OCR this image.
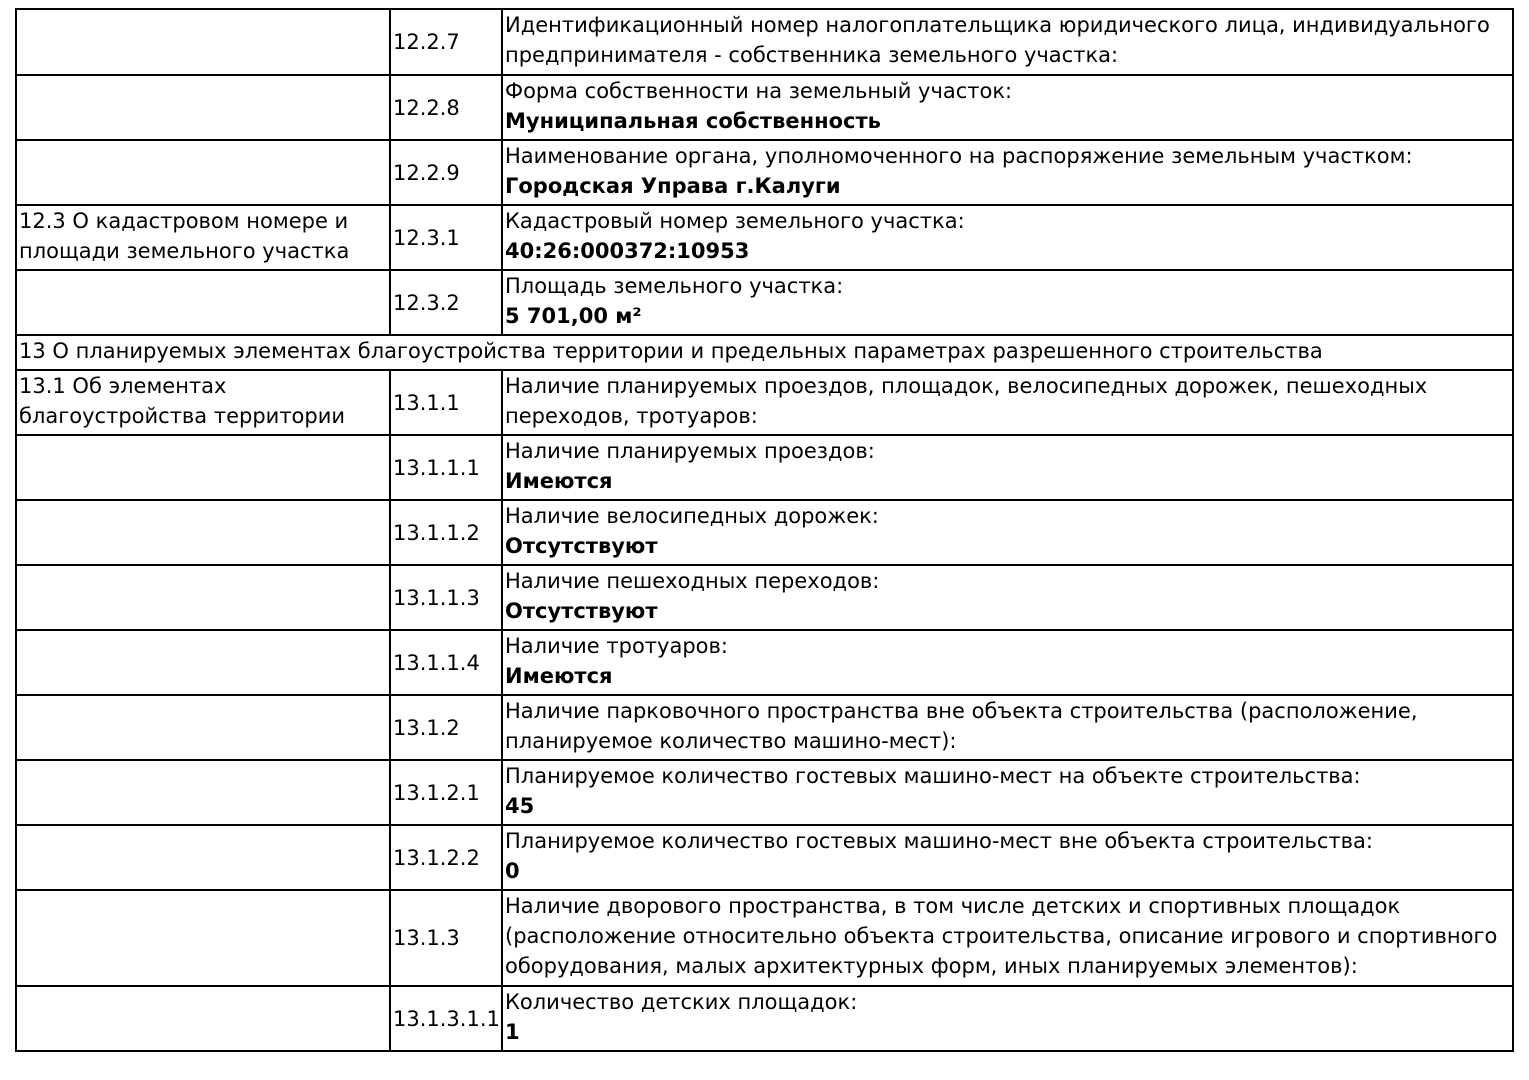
	12.2.7	Идентификационный номер налогоплательщика юридического лица, индивидуального предпринимателя - собственника земельного участка:

	12.2.8	Форма собственности на земельный участок:
Муниципальная собственность

	12.2.9	Наименование органа, уполномоченного на распоряжение земельным участком:
Городская Управа г.Калуги

12.3 О кадастровом номере и площади земельного участка	12.3.1	Кадастровый номер земельного участка:
40:26:000372:10953

	12.3.2	Площадь земельного участка:
5 701,00 м²

13 О планируемых элементах благоустройства территории и предельных параметрах разрешенного строительства		

13.1 Об элементах благоустройства территории	13.1.1	Наличие планируемых проездов, площадок, велосипедных дорожек, пешеходных переходов, тротуаров:

	13.1.1.1	Наличие планируемых проездов:
Имеются

	13.1.1.2	Наличие велосипедных дорожек:
Отсутствуют

	13.1.1.3	Наличие пешеходных переходов:
Отсутствуют

	13.1.1.4	Наличие тротуаров:
Имеются

	13.1.2	Наличие парковочного пространства вне объекта строительства (расположение, планируемое количество машино-мест):

	13.1.2.1	Планируемое количество гостевых машино-мест на объекте строительства:
45

	13.1.2.2	Планируемое количество гостевых машино-мест вне объекта строительства:
0

	13.1.3	Наличие дворового пространства, в том числе детских и спортивных площадок (расположение относительно объекта строительства, описание игрового и спортивного оборудования, малых архитектурных форм, иных планируемых элементов):

	13.1.3.1.1	Количество детских площадок:
1
